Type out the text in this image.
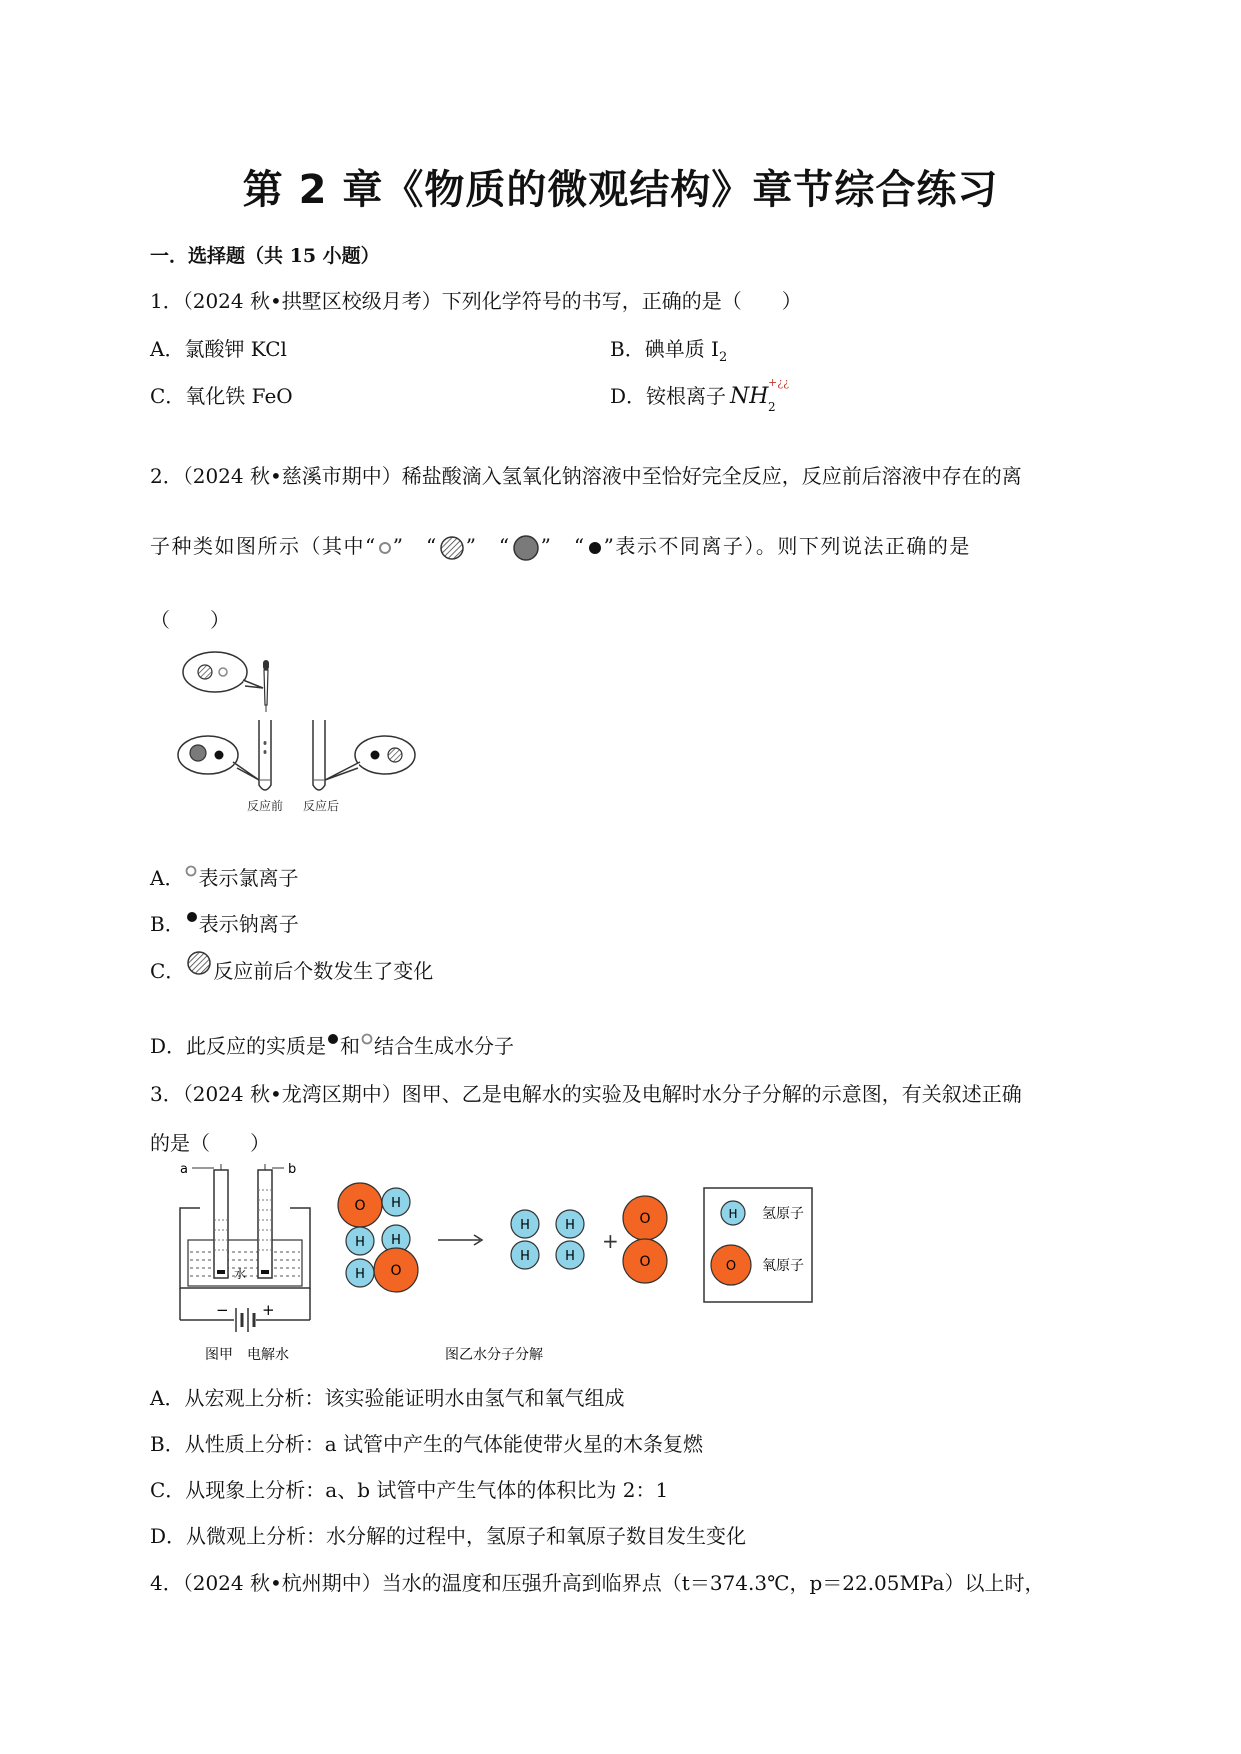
第 2 章《物质的微观结构》章节综合练习
一．选择题（共 15 小题）
1．（2024 秋•拱墅区校级月考）下列化学符号的书写，正确的是（　　）
A．氯酸钾 KCl	B．碘单质 $I_2$
C．氧化铁 FeO	D．铵根离子 NH
+¿¿
2
2．（2024 秋•慈溪市期中）稀盐酸滴入氢氧化钠溶液中至恰好完全反应，反应前后溶液中存在的离
子种类如图所示（其中“ ”　“ ”　“ ”　“ ”表示不同离子）。则下列说法正确的是
（　　）
反应前 反应后
A． 表示氯离子
B． 表示钠离子
C． 反应前后个数发生了变化
D．此反应的实质是 和 结合生成水分子
3．（2024 秋•龙湾区期中）图甲、乙是电解水的实验及电解时水分子分解的示意图，有关叙述正确
的是（　　）
a	b
水
− +
图甲　电解水
O H
H H
H O
H
H
H
H
+
O
O
图乙水分子分解
H 氢原子
O 氧原子
A．从宏观上分析：该实验能证明水由氢气和氧气组成
B．从性质上分析：a 试管中产生的气体能使带火星的木条复燃
C．从现象上分析：a、b 试管中产生气体的体积比为 2：1
D．从微观上分析：水分解的过程中，氢原子和氧原子数目发生变化
4．（2024 秋•杭州期中）当水的温度和压强升高到临界点（t＝374.3℃，p＝22.05MPa）以上时，
